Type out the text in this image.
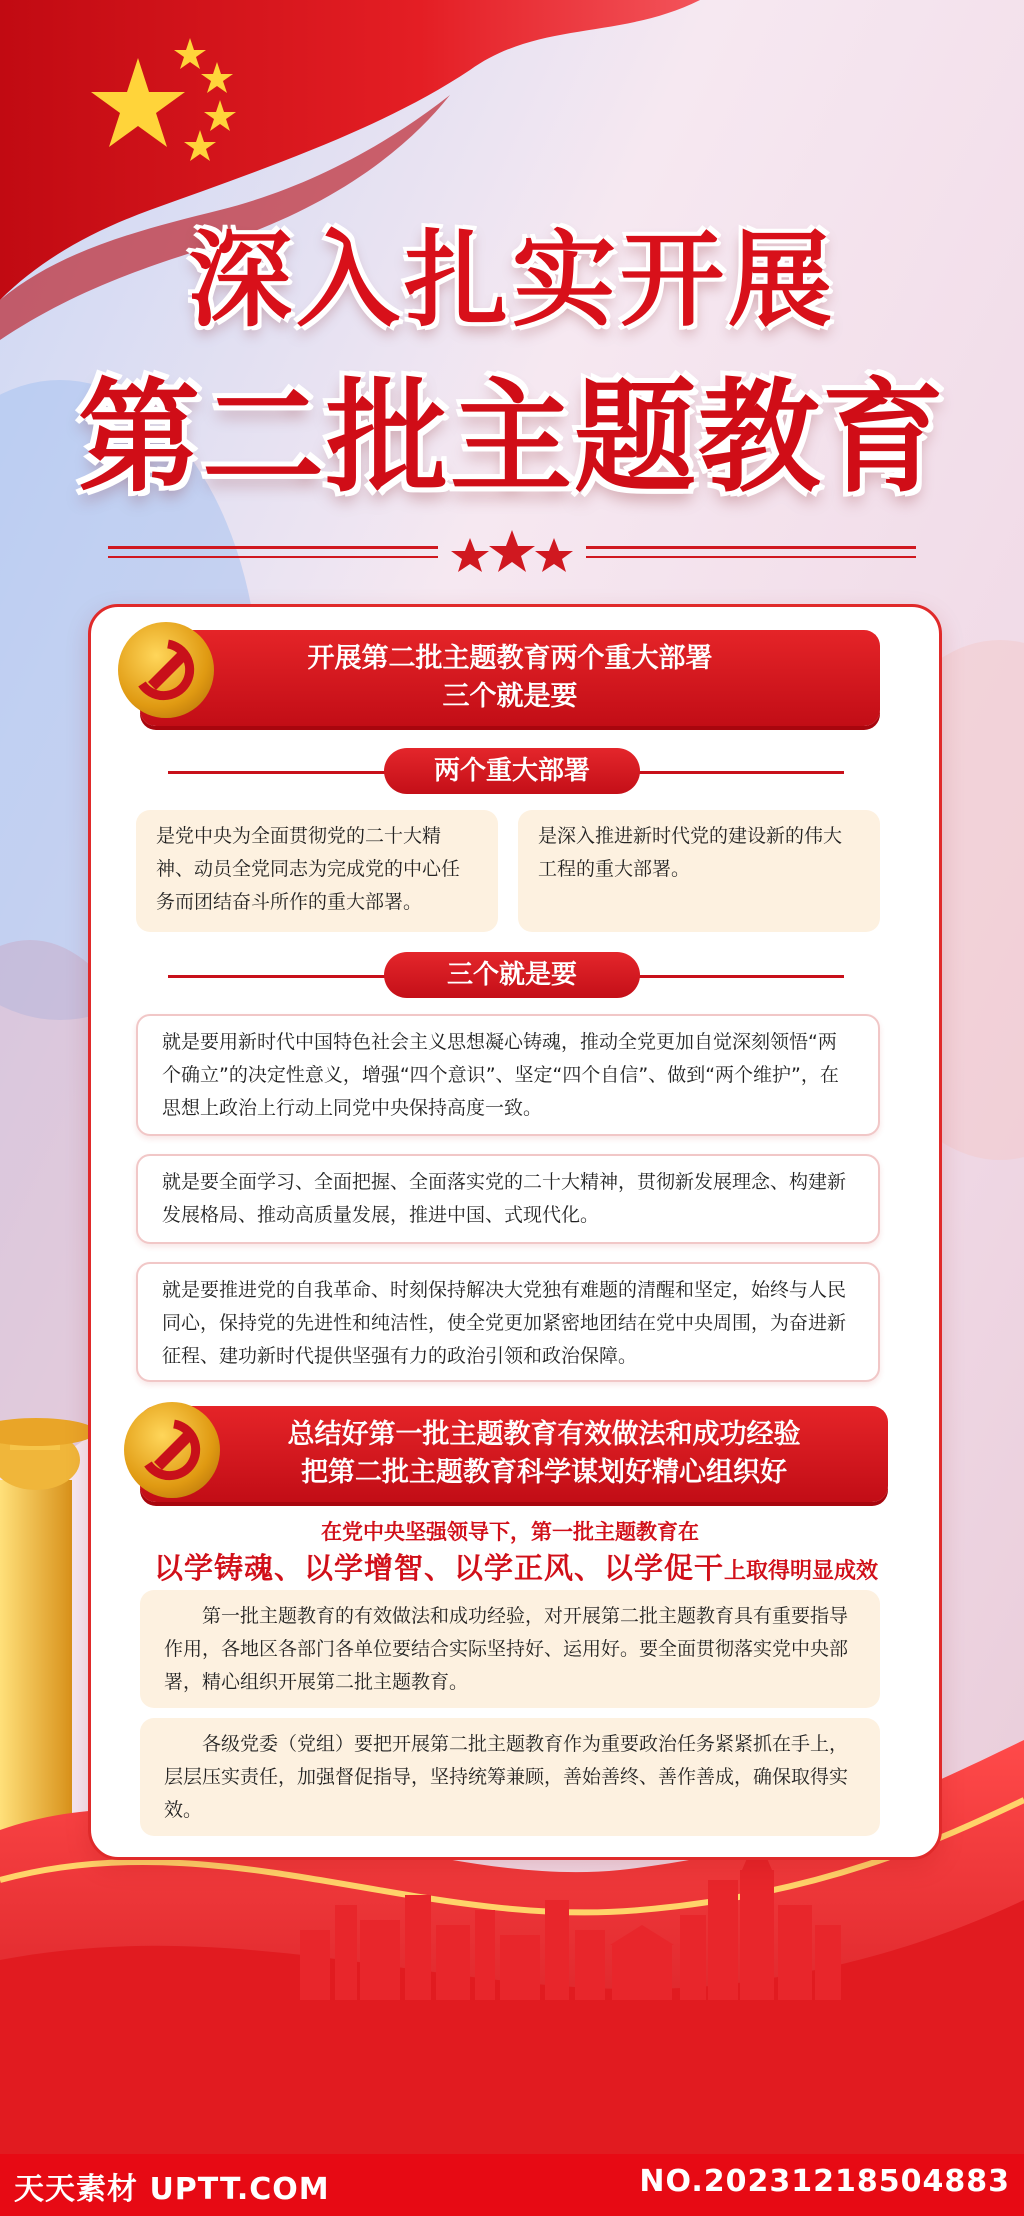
深入扎实开展
第二批主题教育
开展第二批主题教育两个重大部署
三个就是要
两个重大部署
是党中央为全面贯彻党的二十大精神、动员全党同志为完成党的中心任务而团结奋斗所作的重大部署。
是深入推进新时代党的建设新的伟大工程的重大部署。
三个就是要
就是要用新时代中国特色社会主义思想凝心铸魂，推动全党更加自觉深刻领悟“两个确立”的决定性意义，增强“四个意识”、坚定“四个自信”、做到“两个维护”，在思想上政治上行动上同党中央保持高度一致。
就是要全面学习、全面把握、全面落实党的二十大精神，贯彻新发展理念、构建新发展格局、推动高质量发展，推进中国、式现代化。
就是要推进党的自我革命、时刻保持解决大党独有难题的清醒和坚定，始终与人民同心，保持党的先进性和纯洁性，使全党更加紧密地团结在党中央周围，为奋进新征程、建功新时代提供坚强有力的政治引领和政治保障。
总结好第一批主题教育有效做法和成功经验
把第二批主题教育科学谋划好精心组织好
在党中央坚强领导下，第一批主题教育在
以学铸魂、以学增智、以学正风、以学促干上取得明显成效
第一批主题教育的有效做法和成功经验，对开展第二批主题教育具有重要指导作用，各地区各部门各单位要结合实际坚持好、运用好。要全面贯彻落实党中央部署，精心组织开展第二批主题教育。
各级党委（党组）要把开展第二批主题教育作为重要政治任务紧紧抓在手上，层层压实责任，加强督促指导，坚持统筹兼顾，善始善终、善作善成，确保取得实效。
天天素材 UPTT.COM	NO.20231218504883
